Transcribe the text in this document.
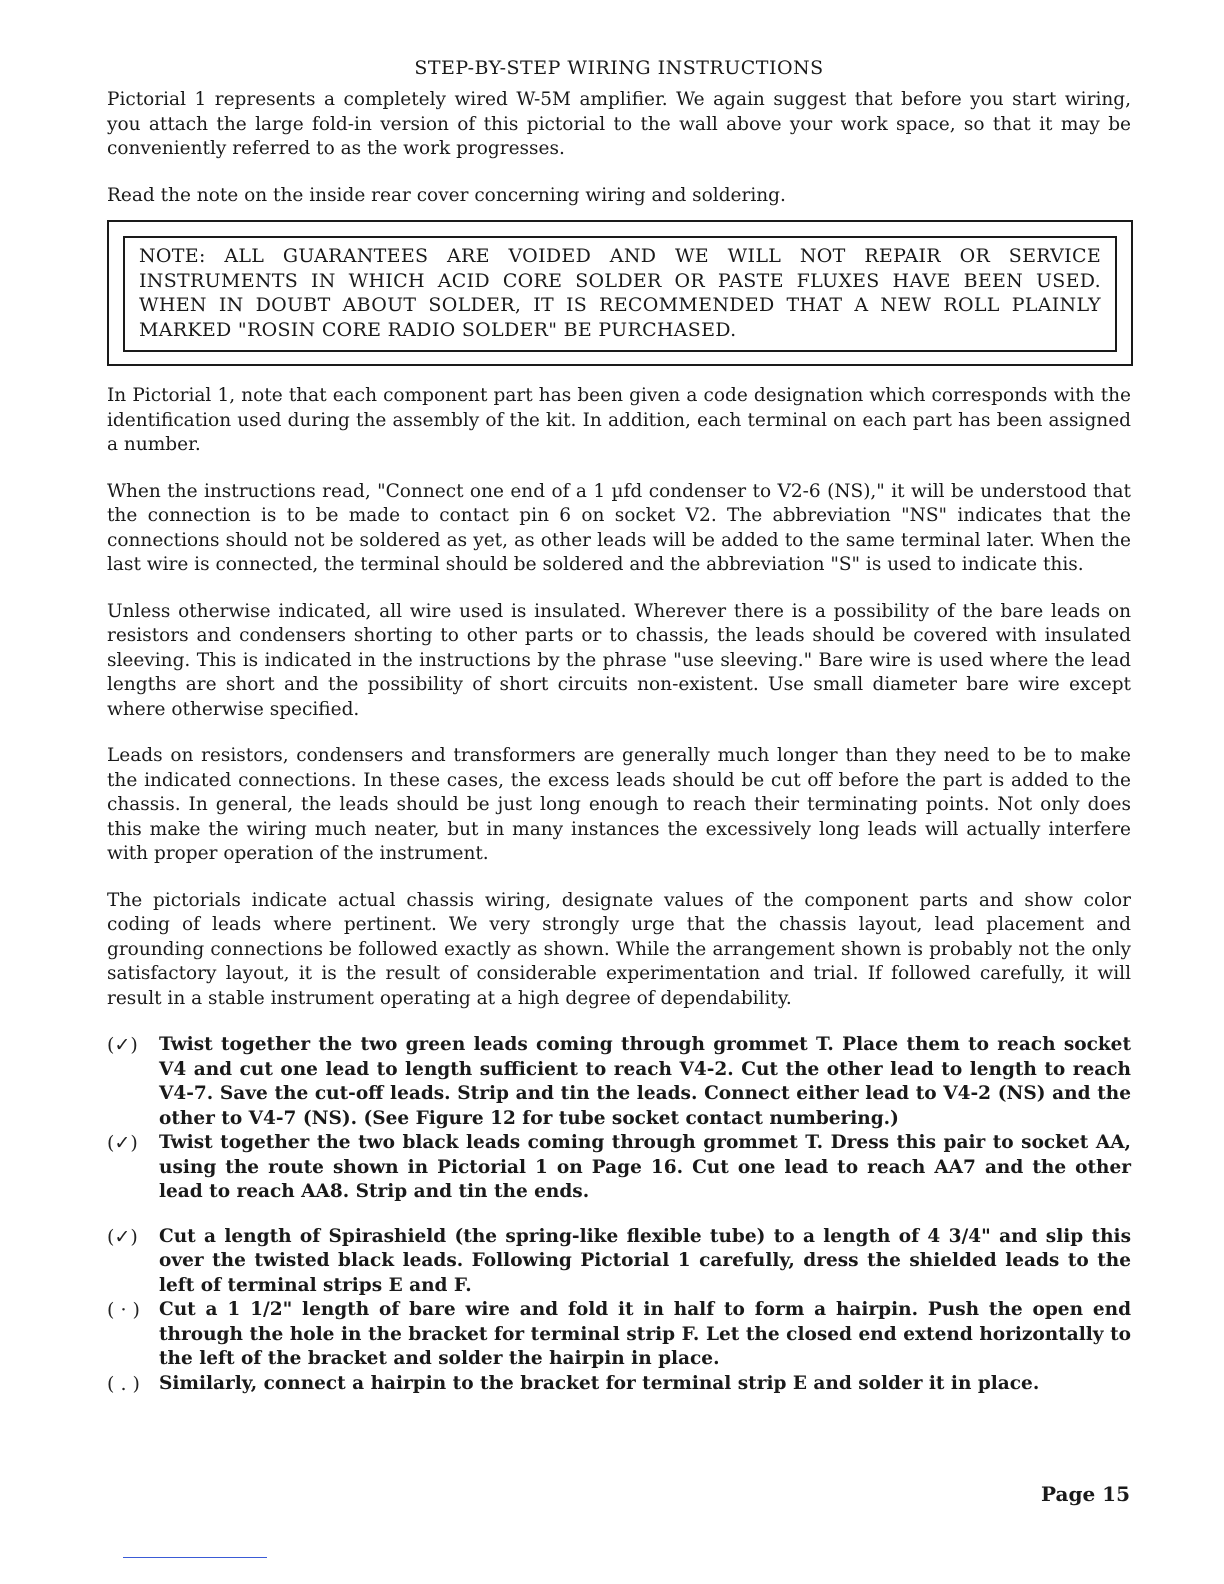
STEP-BY-STEP WIRING INSTRUCTIONS

Pictorial 1 represents a completely wired W-5M amplifier. We again suggest that before you start wiring, you attach the large fold-in version of this pictorial to the wall above your work space, so that it may be conveniently referred to as the work progresses.

Read the note on the inside rear cover concerning wiring and soldering.

NOTE: ALL GUARANTEES ARE VOIDED AND WE WILL NOT REPAIR OR SERVICE INSTRUMENTS IN WHICH ACID CORE SOLDER OR PASTE FLUXES HAVE BEEN USED. WHEN IN DOUBT ABOUT SOLDER, IT IS RECOMMENDED THAT A NEW ROLL PLAINLY MARKED "ROSIN CORE RADIO SOLDER" BE PURCHASED.

In Pictorial 1, note that each component part has been given a code designation which corresponds with the identification used during the assembly of the kit. In addition, each terminal on each part has been assigned a number.

When the instructions read, "Connect one end of a 1 µfd condenser to V2-6 (NS)," it will be understood that the connection is to be made to contact pin 6 on socket V2. The abbreviation "NS" indicates that the connections should not be soldered as yet, as other leads will be added to the same terminal later. When the last wire is connected, the terminal should be soldered and the abbreviation "S" is used to indicate this.

Unless otherwise indicated, all wire used is insulated. Wherever there is a possibility of the bare leads on resistors and condensers shorting to other parts or to chassis, the leads should be covered with insulated sleeving. This is indicated in the instructions by the phrase "use sleeving." Bare wire is used where the lead lengths are short and the possibility of short circuits non-existent. Use small diameter bare wire except where otherwise specified.

Leads on resistors, condensers and transformers are generally much longer than they need to be to make the indicated connections. In these cases, the excess leads should be cut off before the part is added to the chassis. In general, the leads should be just long enough to reach their terminating points. Not only does this make the wiring much neater, but in many instances the excessively long leads will actually interfere with proper operation of the instrument.

The pictorials indicate actual chassis wiring, designate values of the component parts and show color coding of leads where pertinent. We very strongly urge that the chassis layout, lead placement and grounding connections be followed exactly as shown. While the arrangement shown is probably not the only satisfactory layout, it is the result of considerable experimentation and trial. If followed carefully, it will result in a stable instrument operating at a high degree of dependability.

(✓)	Twist together the two green leads coming through grommet T. Place them to reach socket V4 and cut one lead to length sufficient to reach V4-2. Cut the other lead to length to reach V4-7. Save the cut-off leads. Strip and tin the leads. Connect either lead to V4-2 (NS) and the other to V4-7 (NS). (See Figure 12 for tube socket contact numbering.)
(✓)	Twist together the two black leads coming through grommet T. Dress this pair to socket AA, using the route shown in Pictorial 1 on Page 16. Cut one lead to reach AA7 and the other lead to reach AA8. Strip and tin the ends.
(✓)	Cut a length of Spirashield (the spring-like flexible tube) to a length of 4 3/4" and slip this over the twisted black leads. Following Pictorial 1 carefully, dress the shielded leads to the left of terminal strips E and F.
( · )	Cut a 1 1/2" length of bare wire and fold it in half to form a hairpin. Push the open end through the hole in the bracket for terminal strip F. Let the closed end extend horizontally to the left of the bracket and solder the hairpin in place.
( . )	Similarly, connect a hairpin to the bracket for terminal strip E and solder it in place.
Page 15
